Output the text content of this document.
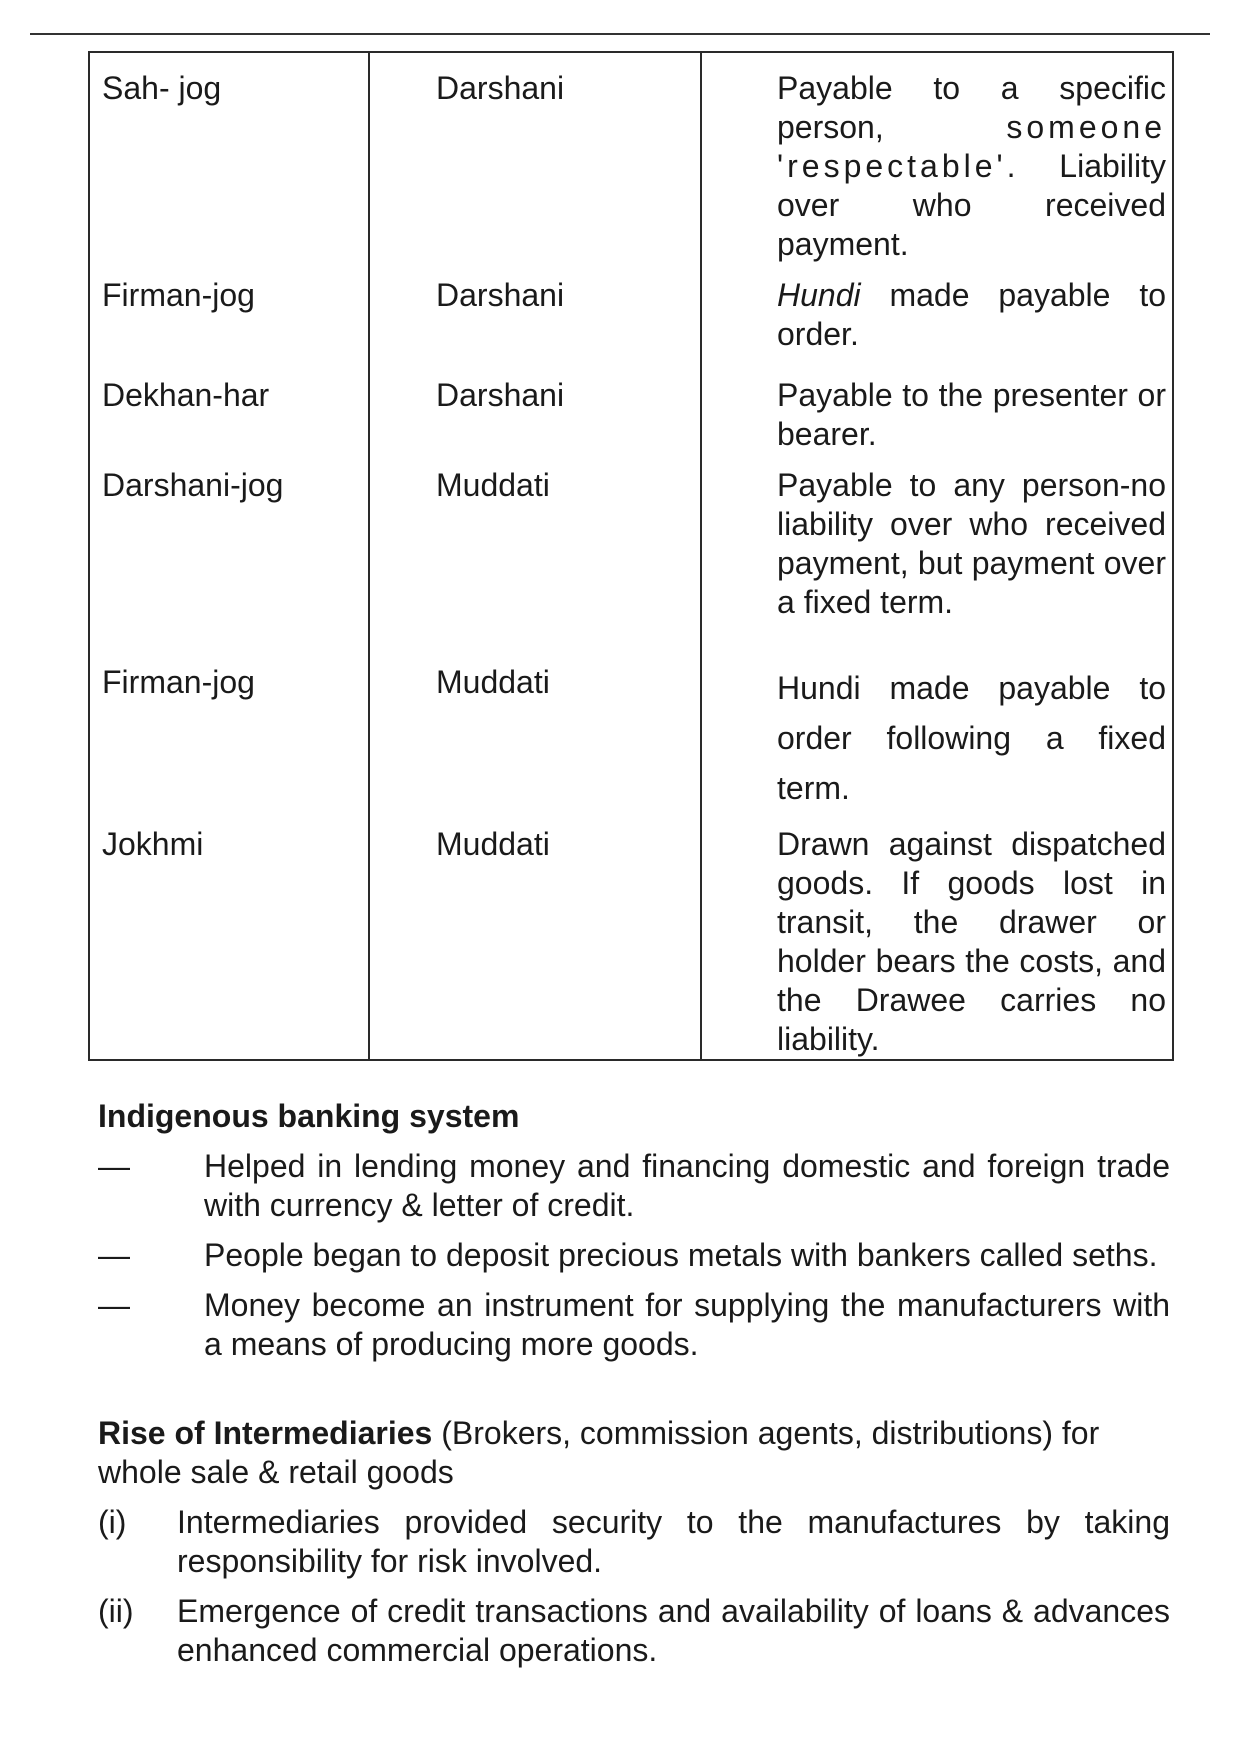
Sah- jog	Darshani	Payable to a specific person, someone 'respectable'. Liability over who received payment.
Firman-jog	Darshani	Hundi made payable to order.
Dekhan-har	Darshani	Payable to the presenter or bearer.
Darshani-jog	Muddati	Payable to any person-no liability over who received payment, but payment over a fixed term.
Firman-jog	Muddati	Hundi made payable to order following a fixed term.
Jokhmi	Muddati	Drawn against dispatched goods. If goods lost in transit, the drawer or holder bears the costs, and the Drawee carries no liability.
Indigenous banking system
—	Helped in lending money and financing domestic and foreign trade with currency & letter of credit.
—	People began to deposit precious metals with bankers called seths.
—	Money become an instrument for supplying the manufacturers with a means of producing more goods.
Rise of Intermediaries (Brokers, commission agents, distributions) for whole sale & retail goods
(i) Intermediaries provided security to the manufactures by taking responsibility for risk involved.
(ii) Emergence of credit transactions and availability of loans & advances enhanced commercial operations.
